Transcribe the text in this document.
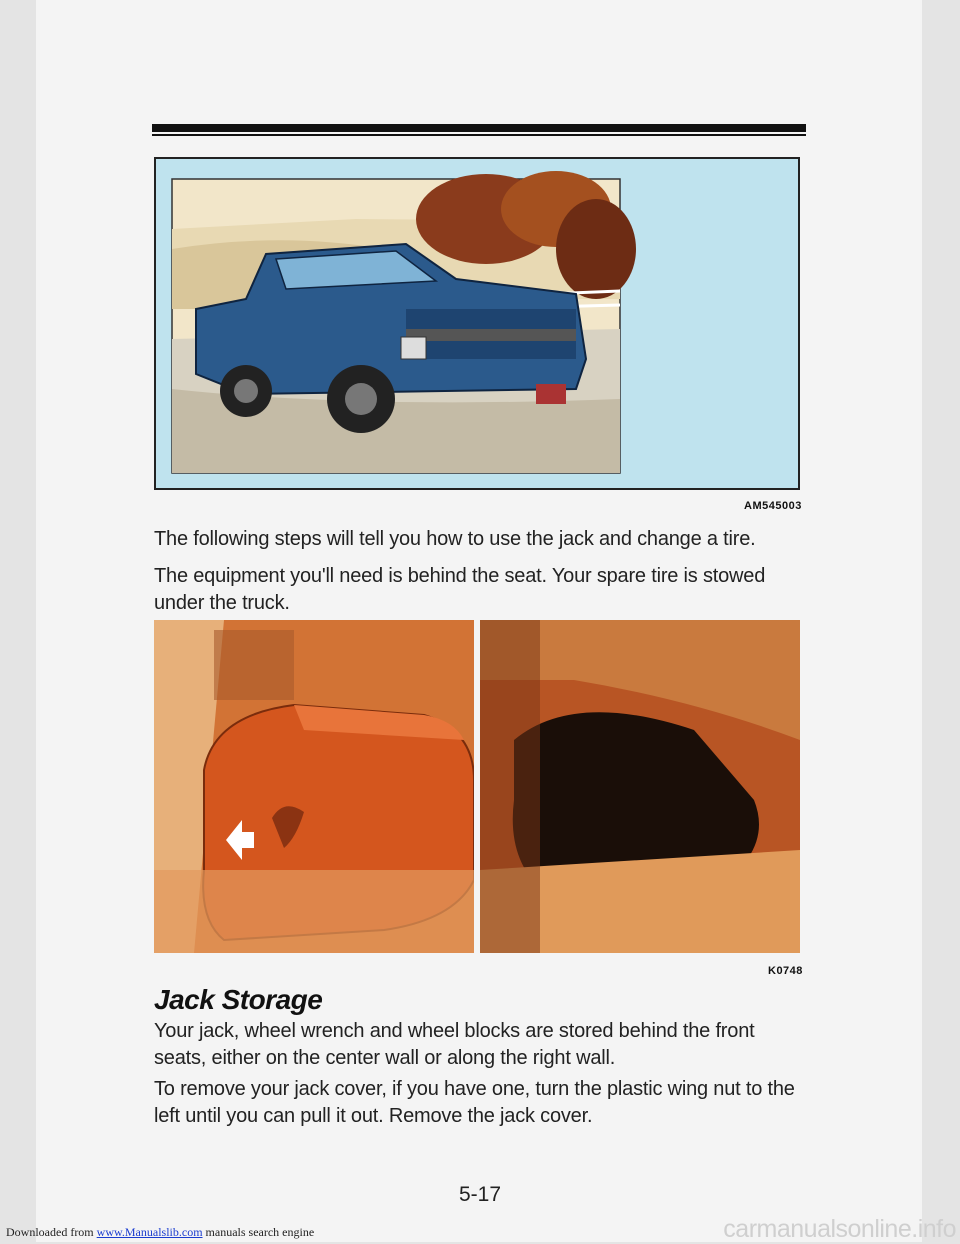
AM545003
The following steps will tell you how to use the jack and change a tire.
The equipment you'll need is behind the seat. Your spare tire is stowed under the truck.
K0748
Jack Storage
Your jack, wheel wrench and wheel blocks are stored behind the front seats, either on the center wall or along the right wall.
To remove your jack cover, if you have one, turn the plastic wing nut to the left until you can pull it out. Remove the jack cover.
5-17
Downloaded from www.Manualslib.com manuals search engine	carmanualsonline.info
